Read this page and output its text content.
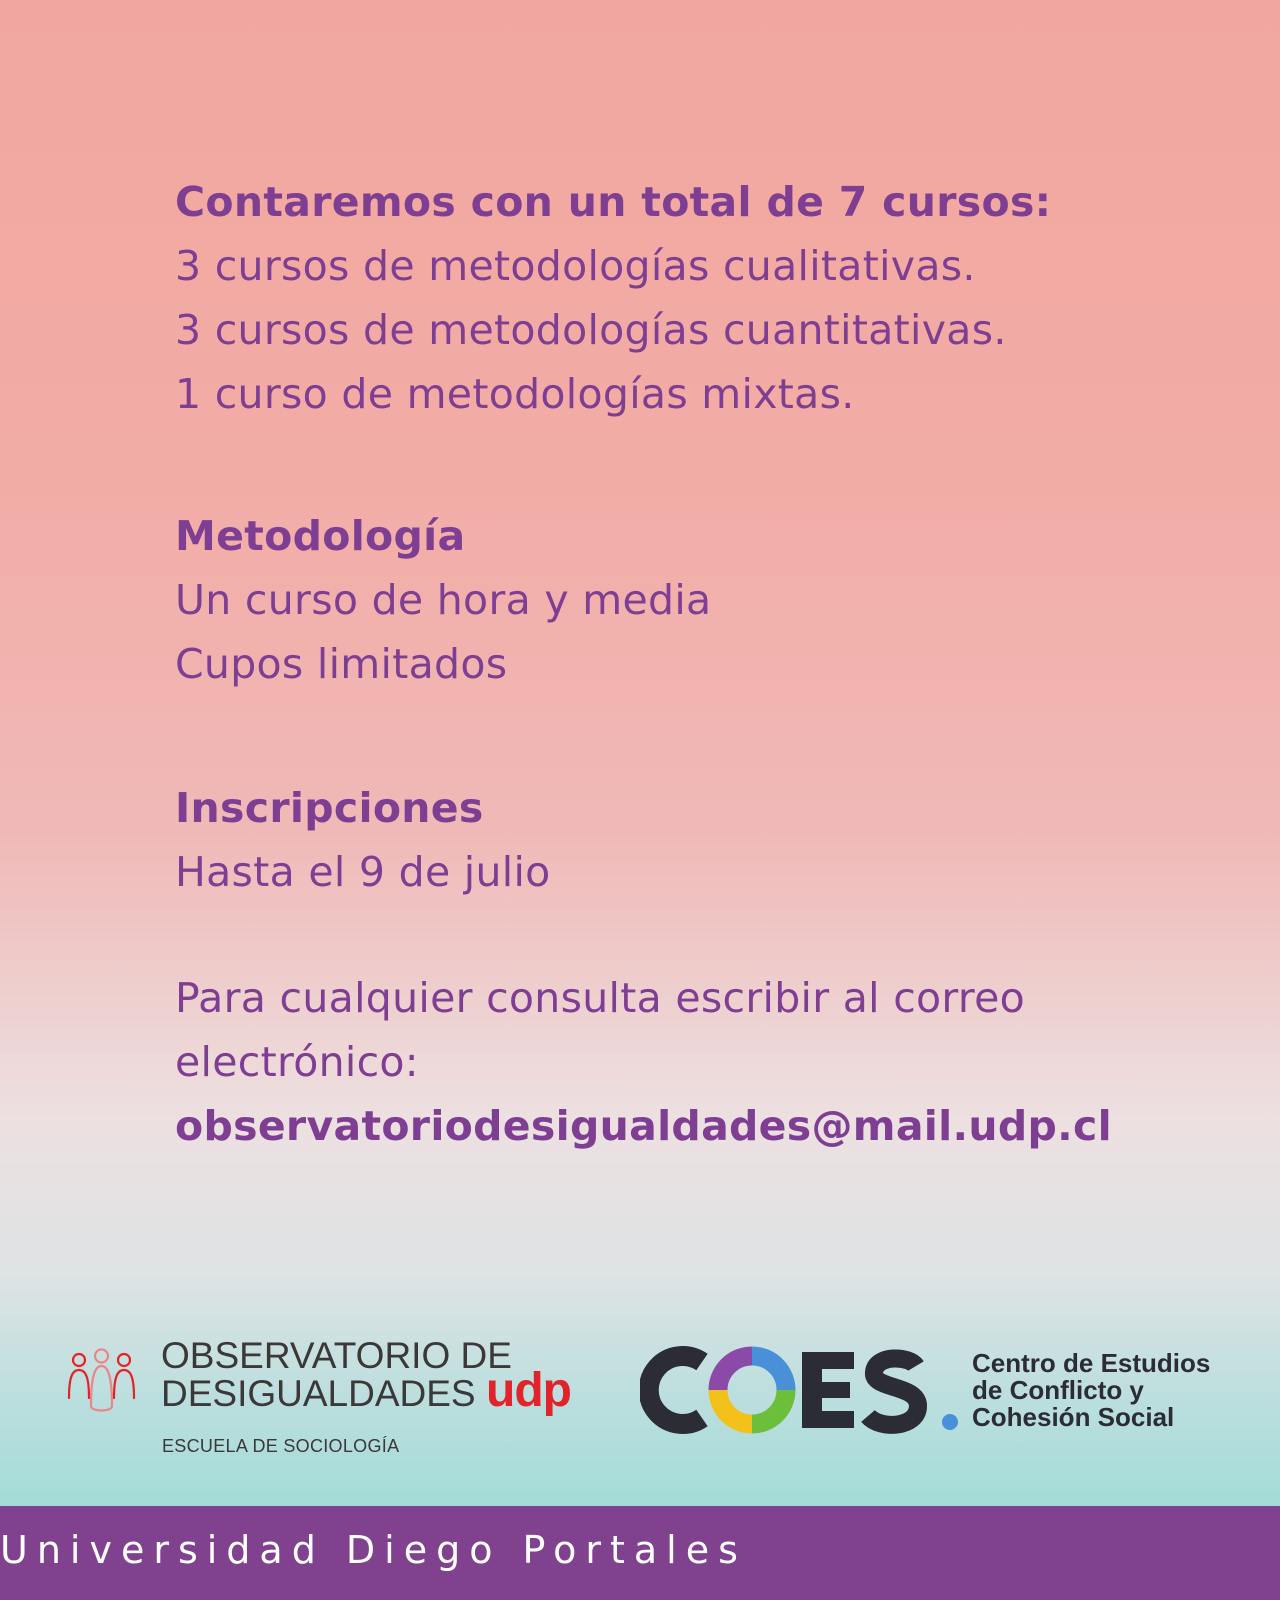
Contaremos con un total de 7 cursos:
3 cursos de metodologías cualitativas.
3 cursos de metodologías cuantitativas.
1 curso de metodologías mixtas.
Metodología
Un curso de hora y media
Cupos limitados
Inscripciones
Hasta el 9 de julio
Para cualquier consulta escribir al correo
electrónico:
observatoriodesigualdades@mail.udp.cl
OBSERVATORIO DE
DESIGUALDADES udp
ESCUELA DE SOCIOLOGÍA
Centro de Estudios
de Conflicto y
Cohesión Social
Universidad Diego Portales
